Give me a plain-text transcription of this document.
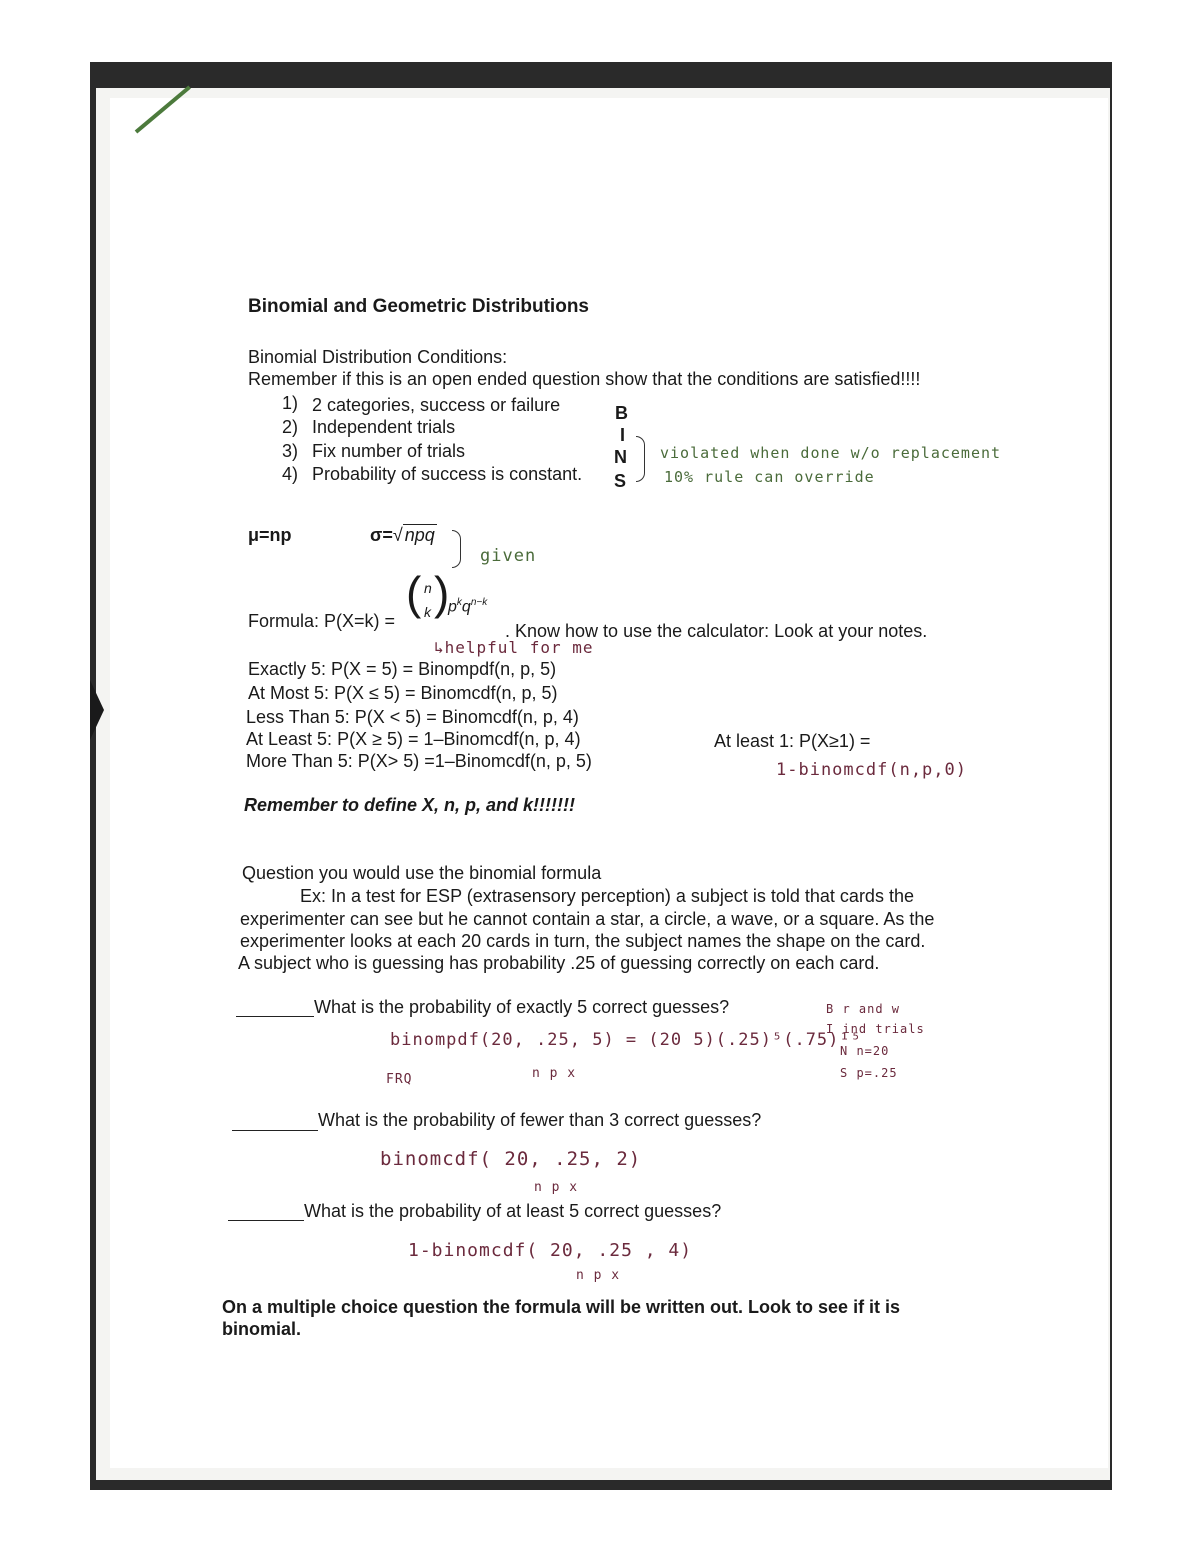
Binomial and Geometric Distributions
Binomial Distribution Conditions:
Remember if this is an open ended question show that the conditions are satisfied!!!!
1) 2 categories, success or failure	B
2) Independent trials	I
3) Fix number of trials	N
4) Probability of success is constant. S
violated when done w/o replacement
10% rule can override
μ=np	σ=√ npq
given
Formula: P(X=k) =
( n
k )
$p^kq^{n-k}$
. Know how to use the calculator: Look at your notes.
↳helpful for me
Exactly 5: P(X = 5) = Binompdf(n, p, 5)
At Most 5: P(X ≤ 5) = Binomcdf(n, p, 5)
Less Than 5: P(X < 5) = Binomcdf(n, p, 4)
At Least 5: P(X ≥ 5) = 1–Binomcdf(n, p, 4)
More Than 5: P(X> 5) =1–Binomcdf(n, p, 5)
At least 1: P(X≥1) =
1-binomcdf(n,p,0)
Remember to define X, n, p, and k!!!!!!!
Question you would use the binomial formula
Ex: In a test for ESP (extrasensory perception) a subject is told that cards the
experimenter can see but he cannot contain a star, a circle, a wave, or a square. As the
experimenter looks at each 20 cards in turn, the subject names the shape on the card.
A subject who is guessing has probability .25 of guessing correctly on each card.
What is the probability of exactly 5 correct guesses?
binompdf(20, .25, 5) = (20 5)(.25)⁵(.75)¹⁵
FRQ	n p x
B r and w
I ind trials
N n=20
S p=.25
What is the probability of fewer than 3 correct guesses?
binomcdf( 20, .25, 2)
n p x
What is the probability of at least 5 correct guesses?
1-binomcdf( 20, .25 , 4)
n p x
On a multiple choice question the formula will be written out. Look to see if it is
binomial.
